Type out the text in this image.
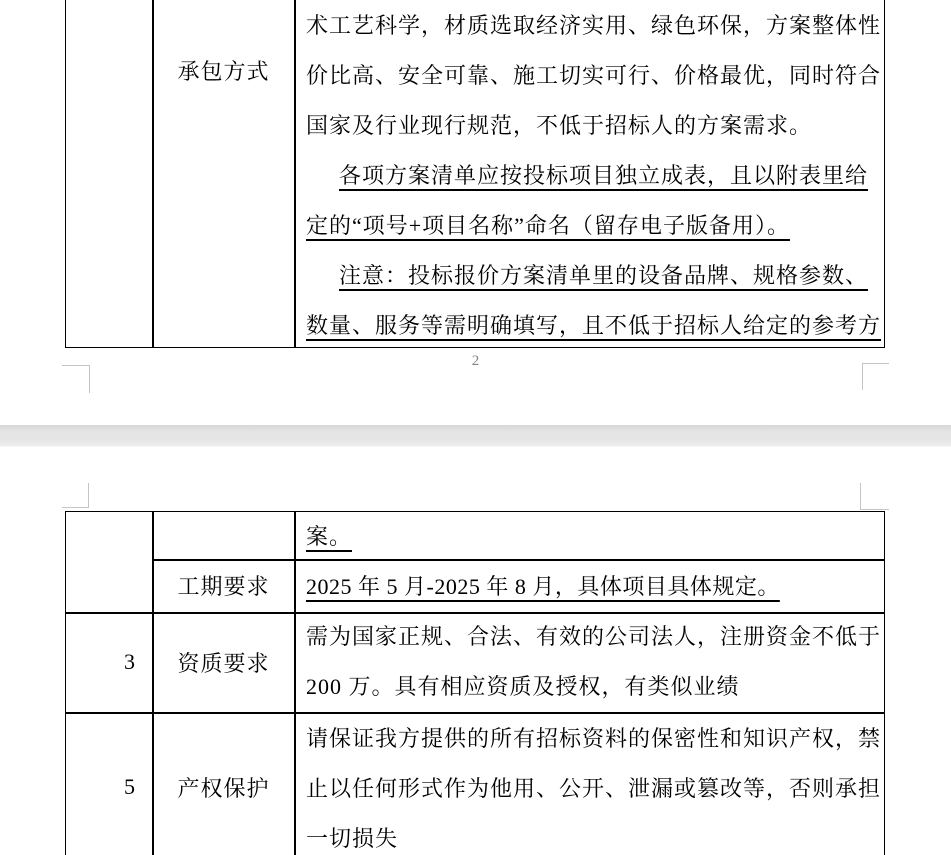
承包方式
术工艺科学，材质选取经济实用、绿色环保，方案整体性
价比高、安全可靠、施工切实可行、价格最优，同时符合
国家及行业现行规范，不低于招标人的方案需求。
各项方案清单应按投标项目独立成表，且以附表里给
定的“项号+项目名称”命名（留存电子版备用）。
注意：投标报价方案清单里的设备品牌、规格参数、
数量、服务等需明确填写，且不低于招标人给定的参考方
2
案。
工期要求 2025 年 5 月-2025 年 8 月，具体项目具体规定。
3 资质要求
需为国家正规、合法、有效的公司法人，注册资金不低于
200 万。具有相应资质及授权，有类似业绩
5 产权保护
请保证我方提供的所有招标资料的保密性和知识产权，禁
止以任何形式作为他用、公开、泄漏或篡改等，否则承担
一切损失
